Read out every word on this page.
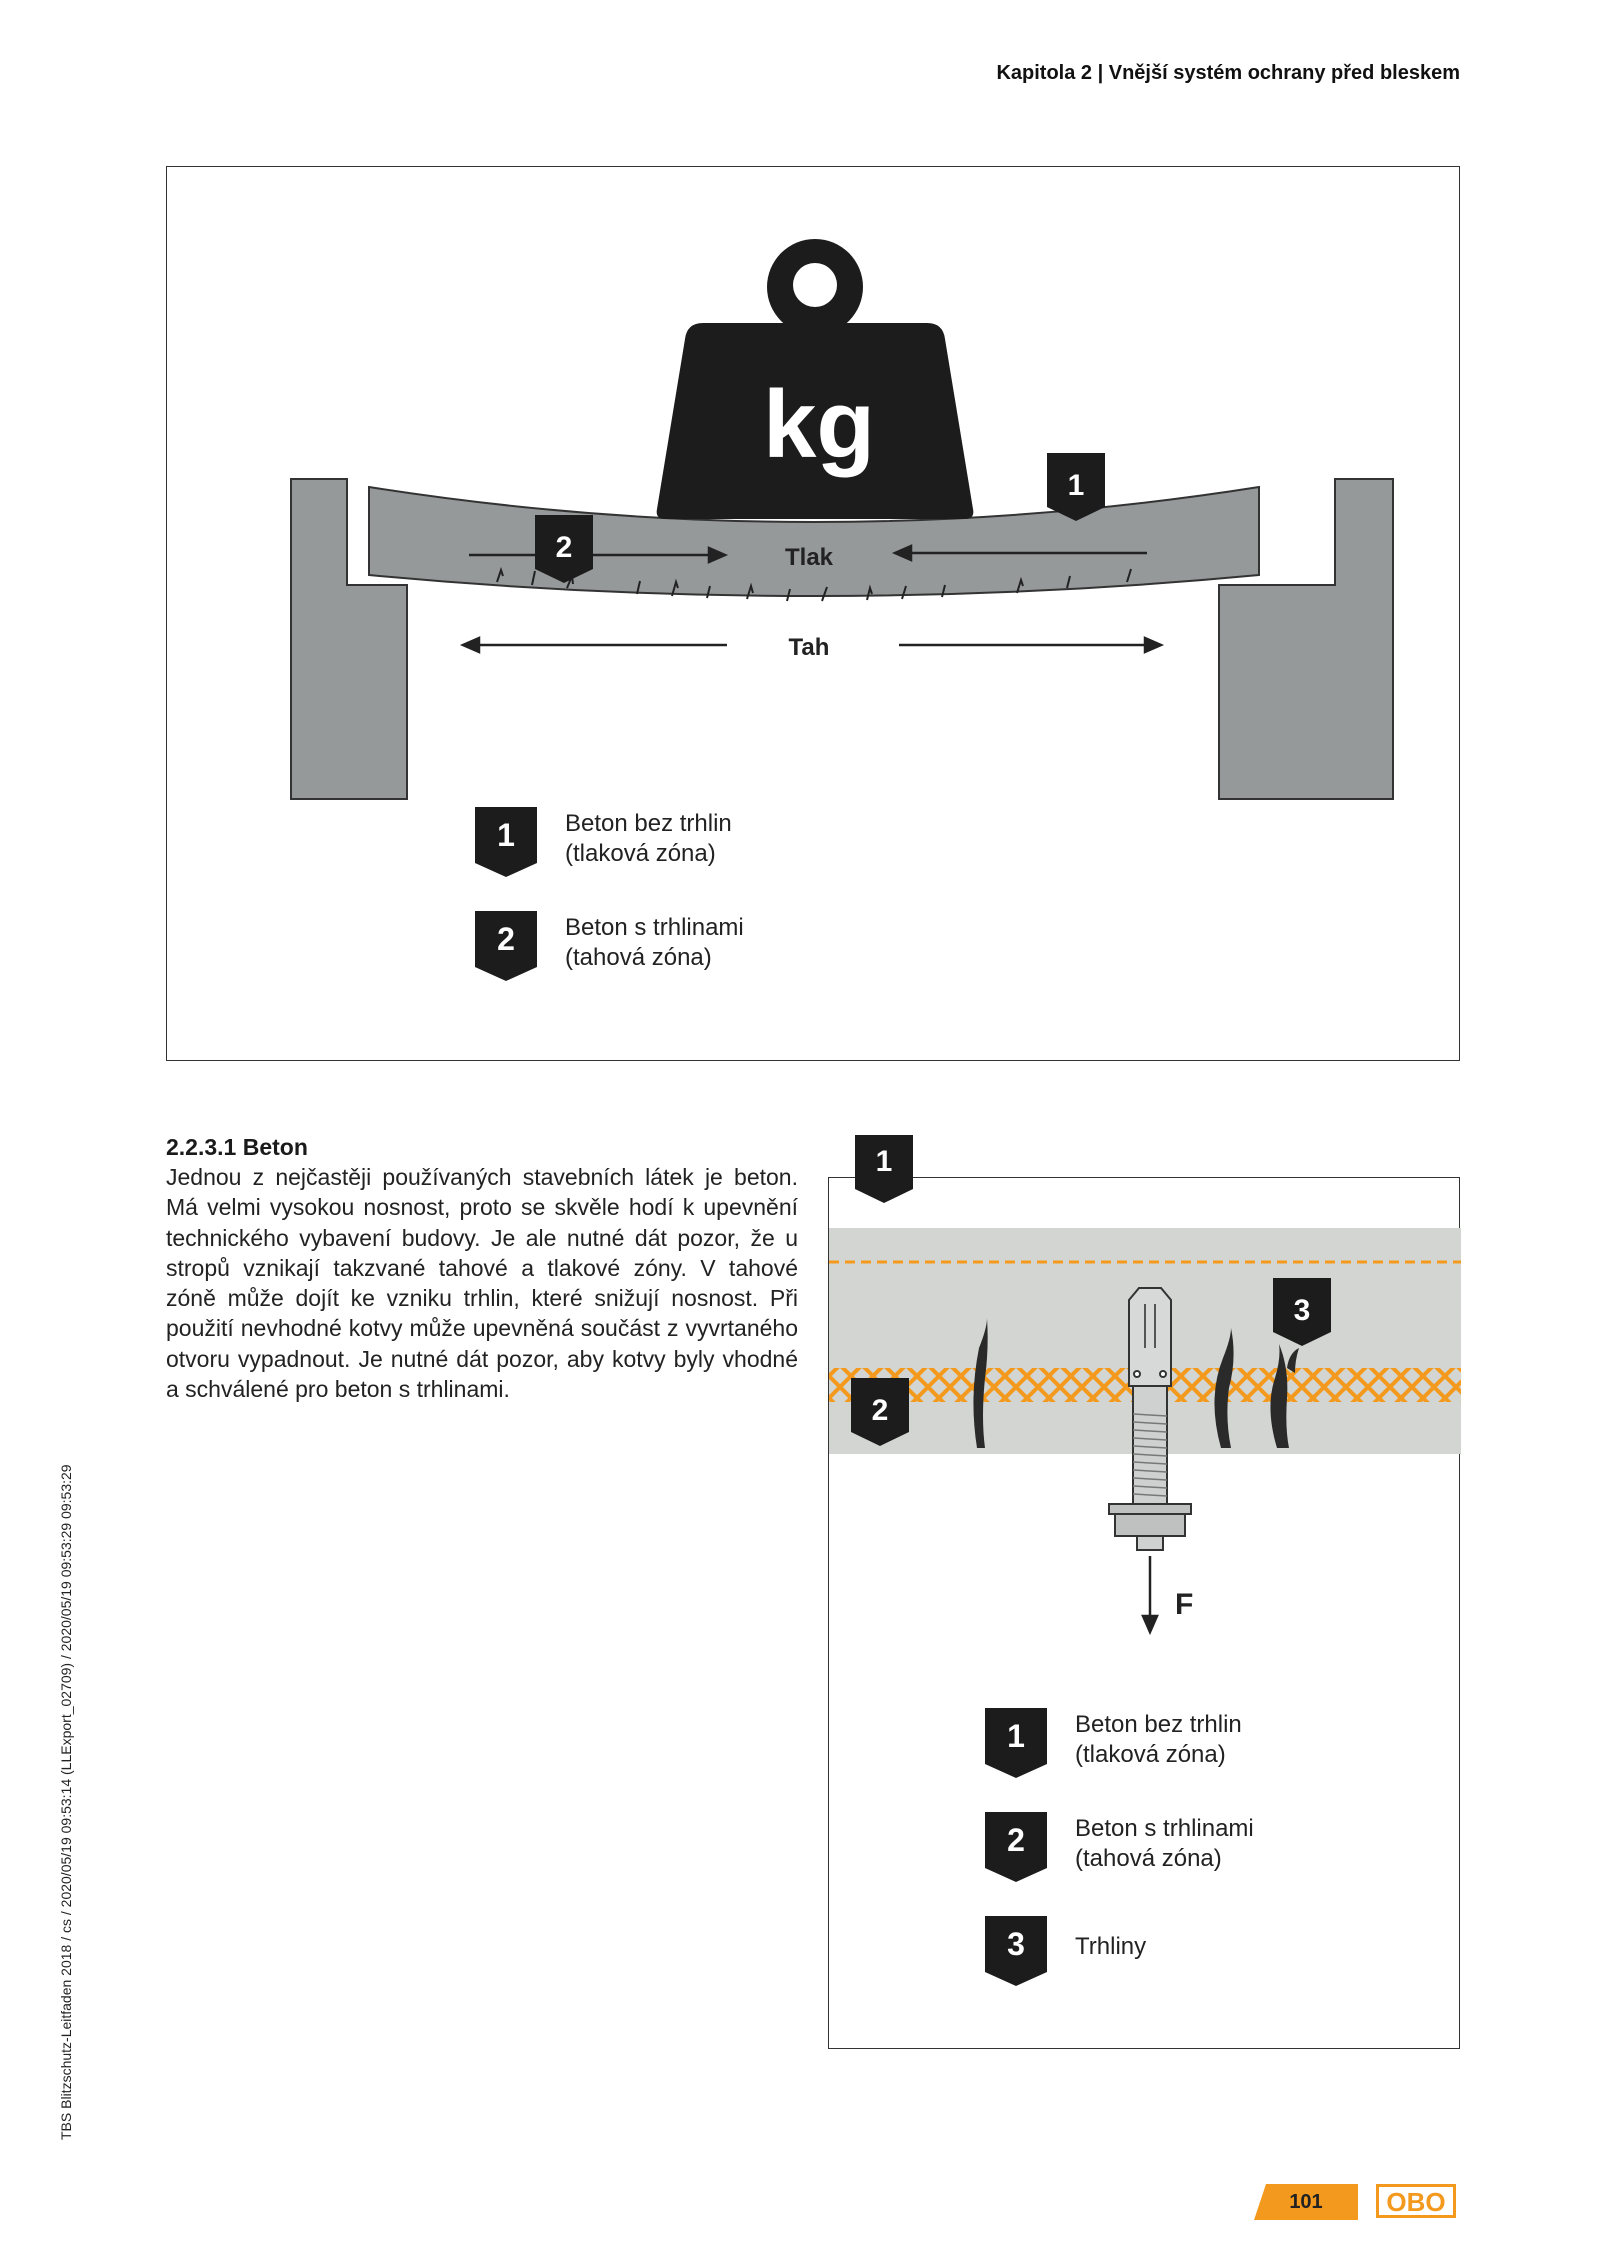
Kapitola 2 | Vnější systém ochrany před bleskem
TBS Blitzschutz-Leitfaden 2018 / cs / 2020/05/19 09:53:14 (LLExport_02709) / 2020/05/19 09:53:29 09:53:29
kg
Tlak
Tah
2
1
1	Beton bez trhlin
(tlaková zóna)
2	Beton s trhlinami
(tahová zóna)
2.2.3.1 Beton

Jednou z nejčastěji používaných stavebních látek je beton. Má velmi vysokou nosnost, proto se skvěle hodí k upevnění technického vybavení budovy. Je ale nutné dát pozor, že u stropů vznikají takzvané tahové a tlakové zóny. V tahové zóně může dojít ke vzniku trhlin, které snižují nosnost. Při použití nevhodné kotvy může upevněná součást z vyvrtaného otvoru vypadnout. Je nutné dát pozor, aby kotvy byly vhodné a schválené pro beton s trhlinami.

F
2
3
1	Beton bez trhlin
(tlaková zóna)
2	Beton s trhlinami
(tahová zóna)
3	Trhliny
1
101	OBO
